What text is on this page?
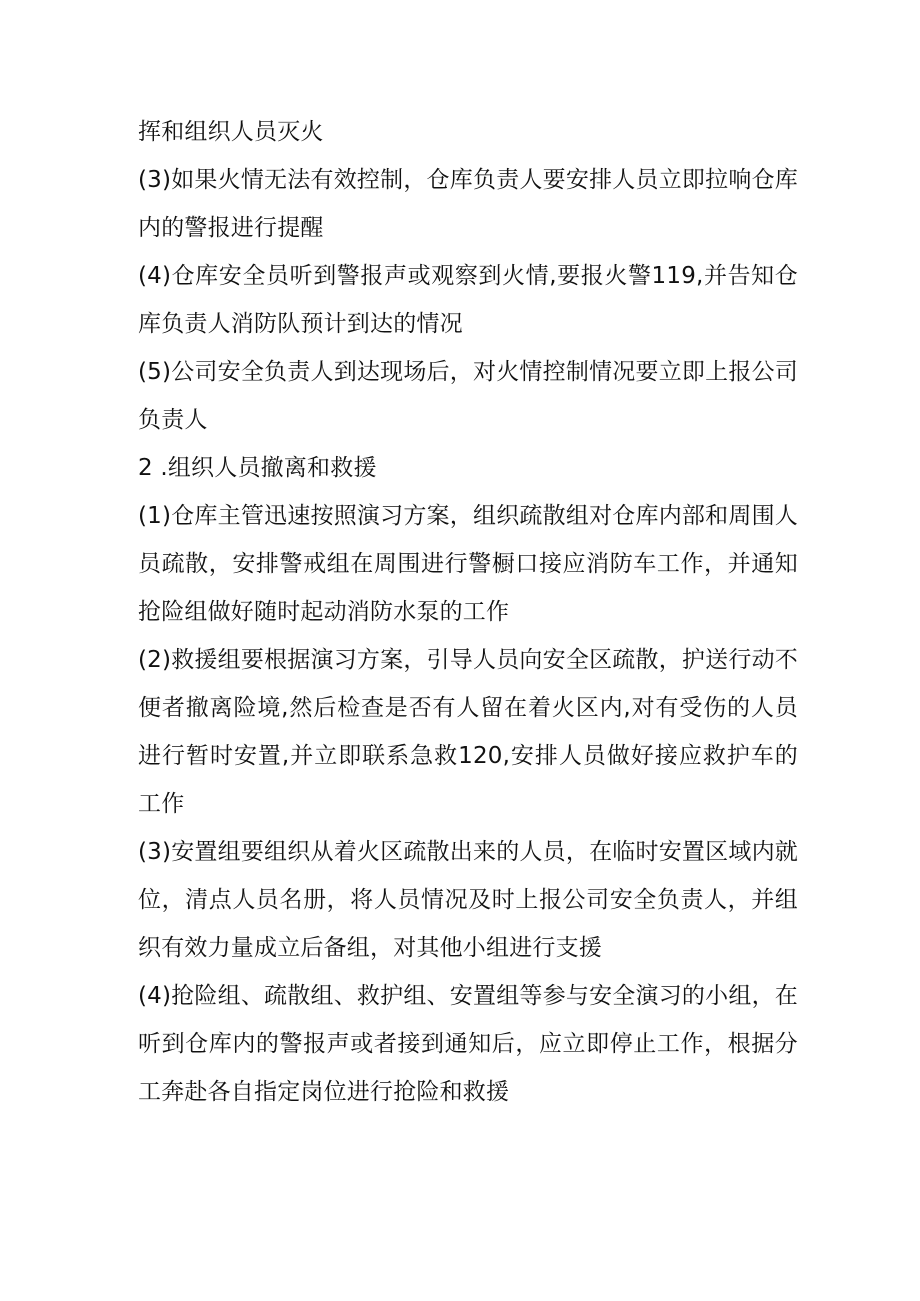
挥和组织人员灭火

(3)如果火情无法有效控制，仓库负责人要安排人员立即拉响仓库内的警报进行提醒

(4)仓库安全员听到警报声或观察到火情,要报火警119,并告知仓库负责人消防队预计到达的情况

(5)公司安全负责人到达现场后，对火情控制情况要立即上报公司负责人

2 .组织人员撤离和救援

(1)仓库主管迅速按照演习方案，组织疏散组对仓库内部和周围人员疏散，安排警戒组在周围进行警橱口接应消防车工作，并通知抢险组做好随时起动消防水泵的工作

(2)救援组要根据演习方案，引导人员向安全区疏散，护送行动不便者撤离险境,然后检查是否有人留在着火区内,对有受伤的人员进行暂时安置,并立即联系急救120,安排人员做好接应救护车的工作

(3)安置组要组织从着火区疏散出来的人员，在临时安置区域内就位，清点人员名册，将人员情况及时上报公司安全负责人，并组织有效力量成立后备组，对其他小组进行支援

(4)抢险组、疏散组、救护组、安置组等参与安全演习的小组，在听到仓库内的警报声或者接到通知后，应立即停止工作，根据分工奔赴各自指定岗位进行抢险和救援
